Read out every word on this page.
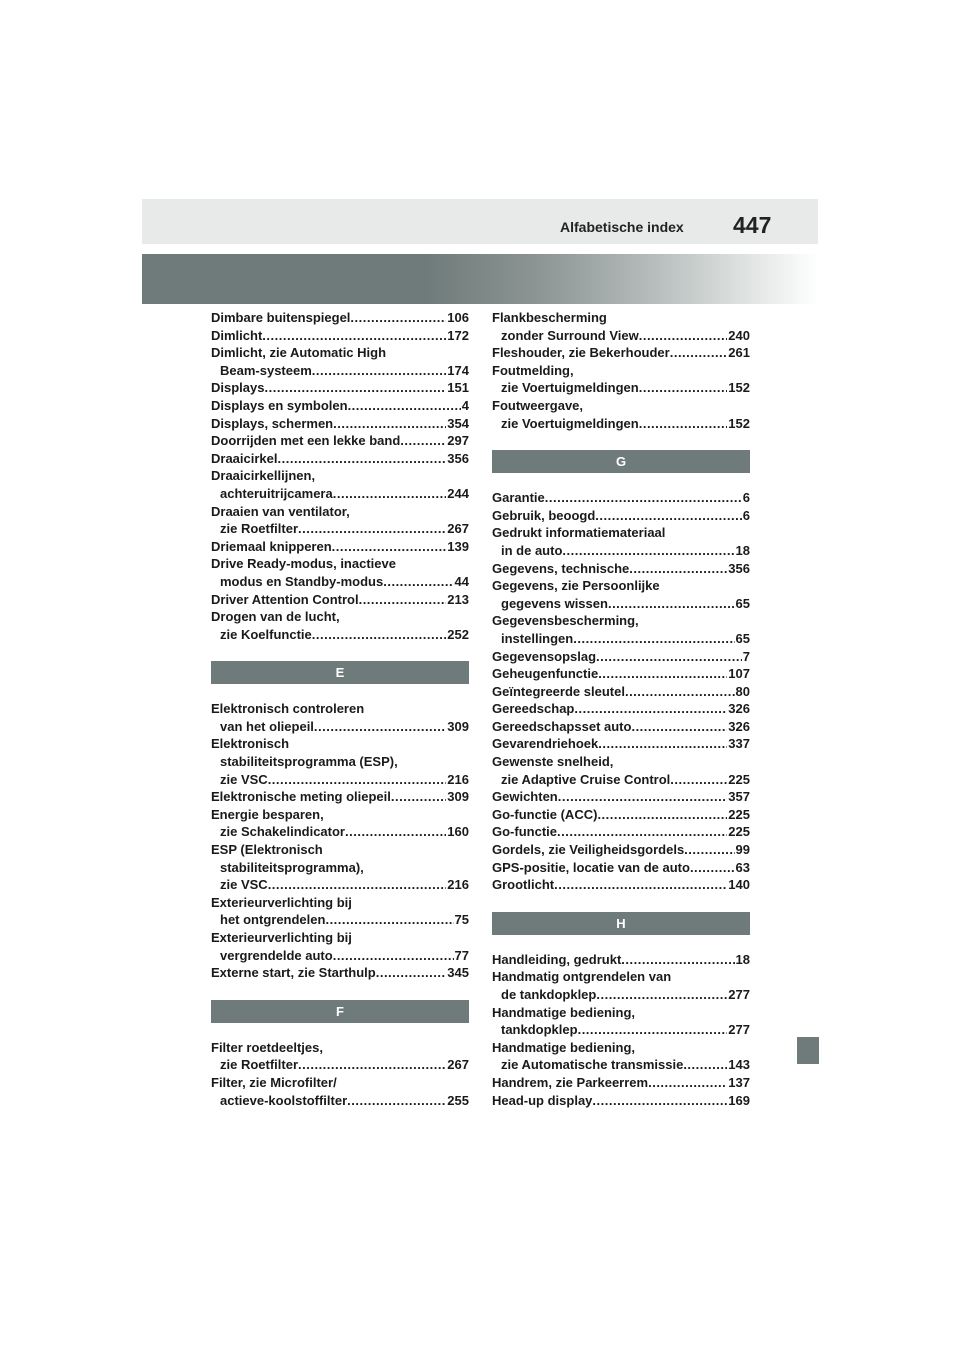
Alfabetische index 447
Dimbare buitenspiegel .....	106
Dimlicht .....	172
Dimlicht, zie Automatic High
Beam-systeem .....	174
Displays .....	151
Displays en symbolen .....	4
Displays, schermen .....	354
Doorrijden met een lekke band .....	297
Draaicirkel .....	356
Draaicirkellijnen,
achteruitrijcamera .....	244
Draaien van ventilator,
zie Roetfilter .....	267
Driemaal knipperen .....	139
Drive Ready-modus, inactieve
modus en Standby-modus .....	44
Driver Attention Control .....	213
Drogen van de lucht,
zie Koelfunctie .....	252
E
Elektronisch controleren
van het oliepeil .....	309
Elektronisch
stabiliteitsprogramma (ESP),
zie VSC .....	216
Elektronische meting oliepeil .....	309
Energie besparen,
zie Schakelindicator .....	160
ESP (Elektronisch
stabiliteitsprogramma),
zie VSC .....	216
Exterieurverlichting bij
het ontgrendelen .....	75
Exterieurverlichting bij
vergrendelde auto .....	77
Externe start, zie Starthulp .....	345
F
Filter roetdeeltjes,
zie Roetfilter .....	267
Filter, zie Microfilter/
actieve-koolstoffilter .....	255
Flankbescherming
zonder Surround View .....	240
Fleshouder, zie Bekerhouder .....	261
Foutmelding,
zie Voertuigmeldingen .....	152
Foutweergave,
zie Voertuigmeldingen .....	152
G
Garantie .....	6
Gebruik, beoogd .....	6
Gedrukt informatiemateriaal
in de auto .....	18
Gegevens, technische .....	356
Gegevens, zie Persoonlijke
gegevens wissen .....	65
Gegevensbescherming,
instellingen .....	65
Gegevensopslag .....	7
Geheugenfunctie .....	107
Geïntegreerde sleutel .....	80
Gereedschap .....	326
Gereedschapsset auto .....	326
Gevarendriehoek .....	337
Gewenste snelheid,
zie Adaptive Cruise Control .....	225
Gewichten .....	357
Go-functie (ACC) .....	225
Go-functie .....	225
Gordels, zie Veiligheidsgordels .....	99
GPS-positie, locatie van de auto .....	63
Grootlicht .....	140
H
Handleiding, gedrukt .....	18
Handmatig ontgrendelen van
de tankdopklep .....	277
Handmatige bediening,
tankdopklep .....	277
Handmatige bediening,
zie Automatische transmissie .....	143
Handrem, zie Parkeerrem .....	137
Head-up display .....	169
